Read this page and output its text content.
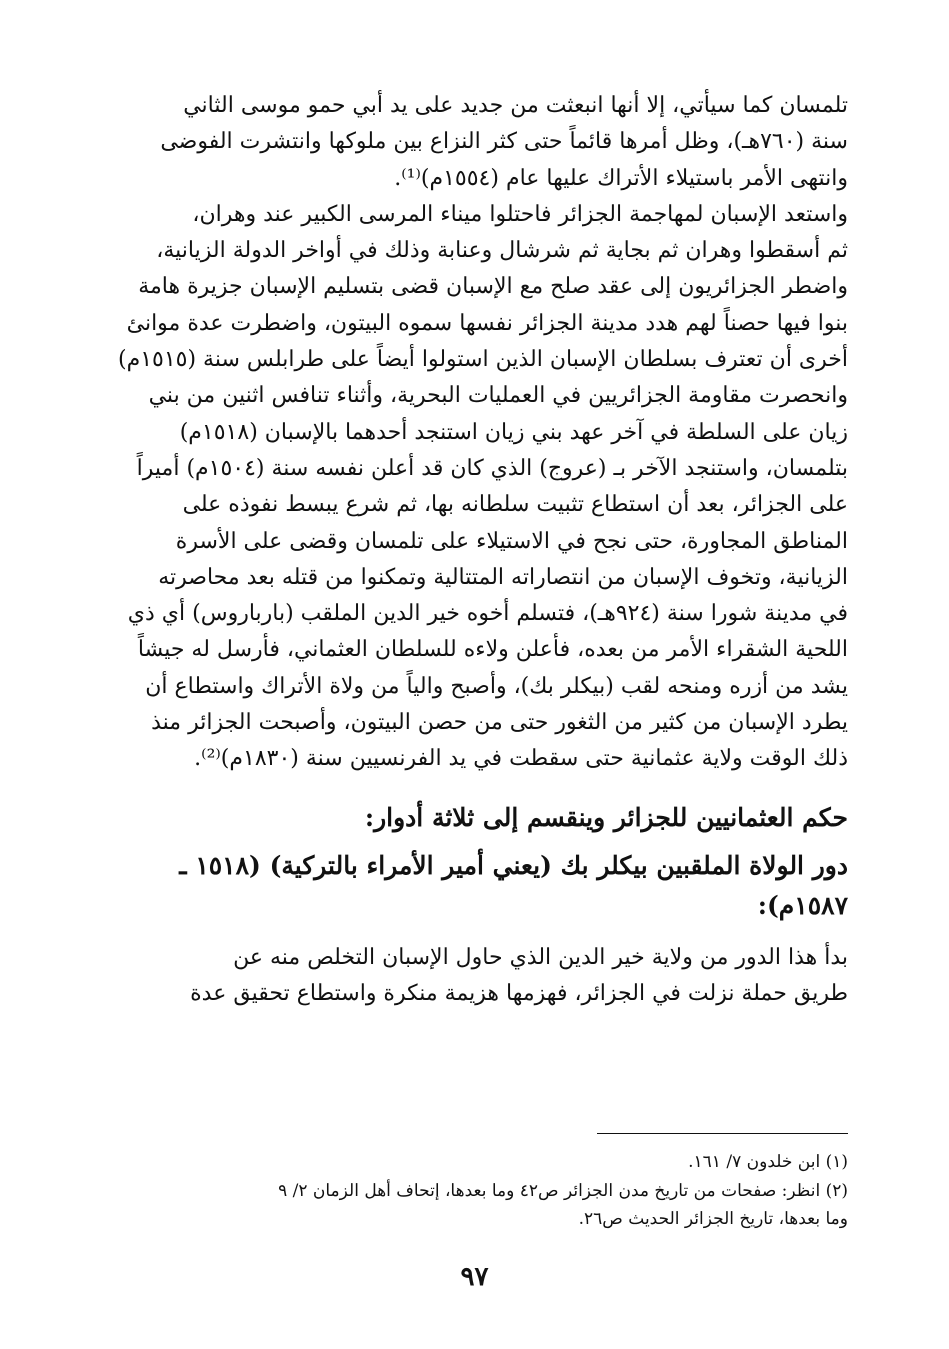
تلمسان كما سيأتي، إلا أنها انبعثت من جديد على يد أبي حمو موسى الثاني
سنة (٧٦٠هـ)، وظل أمرها قائماً حتى كثر النزاع بين ملوكها وانتشرت الفوضى
وانتهى الأمر باستيلاء الأتراك عليها عام (١٥٥٤م)⁽¹⁾.

واستعد الإسبان لمهاجمة الجزائر فاحتلوا ميناء المرسى الكبير عند وهران،
ثم أسقطوا وهران ثم بجاية ثم شرشال وعنابة وذلك في أواخر الدولة الزيانية،
واضطر الجزائريون إلى عقد صلح مع الإسبان قضى بتسليم الإسبان جزيرة هامة
بنوا فيها حصناً لهم هدد مدينة الجزائر نفسها سموه البيتون، واضطرت عدة موانئ
أخرى أن تعترف بسلطان الإسبان الذين استولوا أيضاً على طرابلس سنة (١٥١٥م)
وانحصرت مقاومة الجزائريين في العمليات البحرية، وأثناء تنافس اثنين من بني
زيان على السلطة في آخر عهد بني زيان استنجد أحدهما بالإسبان (١٥١٨م)
بتلمسان، واستنجد الآخر بـ (عروج) الذي كان قد أعلن نفسه سنة (١٥٠٤م) أميراً
على الجزائر، بعد أن استطاع تثبيت سلطانه بها، ثم شرع يبسط نفوذه على
المناطق المجاورة، حتى نجح في الاستيلاء على تلمسان وقضى على الأسرة
الزيانية، وتخوف الإسبان من انتصاراته المتتالية وتمكنوا من قتله بعد محاصرته
في مدينة شورا سنة (٩٢٤هـ)، فتسلم أخوه خير الدين الملقب (بارباروس) أي ذي
اللحية الشقراء الأمر من بعده، فأعلن ولاءه للسلطان العثماني، فأرسل له جيشاً
يشد من أزره ومنحه لقب (بيكلر بك)، وأصبح والياً من ولاة الأتراك واستطاع أن
يطرد الإسبان من كثير من الثغور حتى من حصن البيتون، وأصبحت الجزائر منذ
ذلك الوقت ولاية عثمانية حتى سقطت في يد الفرنسيين سنة (١٨٣٠م)⁽²⁾.

حكم العثمانيين للجزائر وينقسم إلى ثلاثة أدوار:
دور الولاة الملقبين بيكلر بك (يعني أمير الأمراء بالتركية) (١٥١٨ ـ
١٥٨٧م):

بدأ هذا الدور من ولاية خير الدين الذي حاول الإسبان التخلص منه عن
طريق حملة نزلت في الجزائر، فهزمها هزيمة منكرة واستطاع تحقيق عدة

(١) ابن خلدون ٧/ ١٦١.
(٢) انظر: صفحات من تاريخ مدن الجزائر ص٤٢ وما بعدها، إتحاف أهل الزمان ٢/ ٩
وما بعدها، تاريخ الجزائر الحديث ص٢٦.
٩٧
